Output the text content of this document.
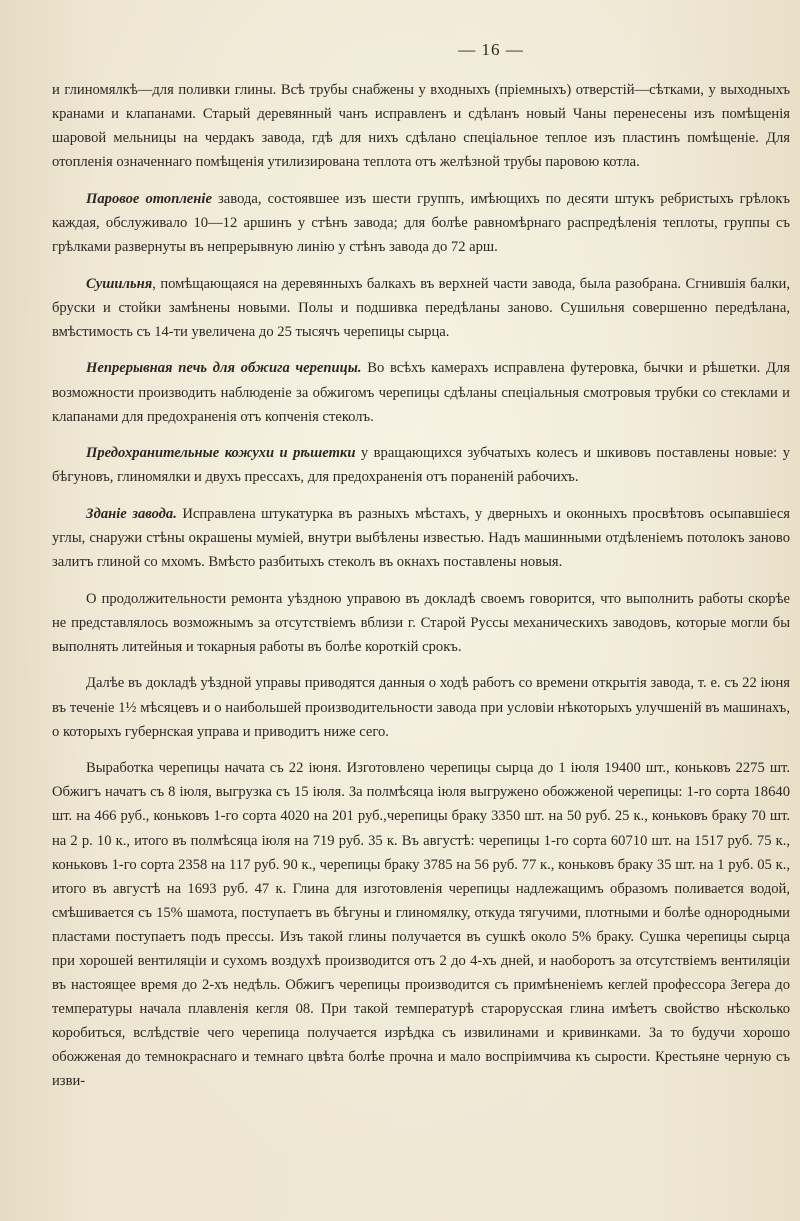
— 16 —
и глиномялкѣ—для поливки глины. Всѣ трубы снабжены у входныхъ (пріемныхъ) отверстій—сѣтками, у выходныхъ кранами и клапанами. Старый деревянный чанъ исправленъ и сдѣланъ новый Чаны перенесены изъ помѣщенія шаровой мельницы на чердакъ завода, гдѣ для нихъ сдѣлано спеціальное теплое изъ пластинъ помѣщеніе. Для отопленія означеннаго помѣщенія утилизирована теплота отъ желѣзной трубы паровою котла.
Паровое отопленіе завода, состоявшее изъ шести группъ, имѣющихъ по десяти штукъ ребристыхъ грѣлокъ каждая, обслуживало 10—12 аршинъ у стѣнъ завода; для болѣе равномѣрнаго распредѣленія теплоты, группы съ грѣлками развернуты въ непрерывную линію у стѣнъ завода до 72 арш.
Сушильня, помѣщающаяся на деревянныхъ балкахъ въ верхней части завода, была разобрана. Сгнившія балки, бруски и стойки замѣнены новыми. Полы и подшивка передѣланы заново. Сушильня совершенно передѣлана, вмѣстимость съ 14-ти увеличена до 25 тысячъ черепицы сырца.
Непрерывная печь для обжига черепицы. Во всѣхъ камерахъ исправлена футеровка, бычки и рѣшетки. Для возможности производить наблюденіе за обжигомъ черепицы сдѣланы спеціальныя смотровыя трубки со стеклами и клапанами для предохраненія отъ копченія стеколъ.
Предохранительные кожухи и рѣшетки у вращающихся зубчатыхъ колесъ и шкивовъ поставлены новые: у бѣгуновъ, глиномялки и двухъ прессахъ, для предохраненія отъ пораненій рабочихъ.
Зданіе завода. Исправлена штукатурка въ разныхъ мѣстахъ, у дверныхъ и оконныхъ просвѣтовъ осыпавшіеся углы, снаружи стѣны окрашены муміей, внутри выбѣлены известью. Надъ машинными отдѣленіемъ потолокъ заново залитъ глиной со мхомъ. Вмѣсто разбитыхъ стеколъ въ окнахъ поставлены новыя.
О продолжительности ремонта уѣздною управою въ докладѣ своемъ говорится, что выполнить работы скорѣе не представлялось возможнымъ за отсутствіемъ вблизи г. Старой Руссы механическихъ заводовъ, которые могли бы выполнять литейныя и токарныя работы въ болѣе короткій срокъ.
Далѣе въ докладѣ уѣздной управы приводятся данныя о ходѣ работъ со времени открытія завода, т. е. съ 22 іюня въ теченіе 1½ мѣсяцевъ и о наибольшей производительности завода при условіи нѣкоторыхъ улучшеній въ машинахъ, о которыхъ губернская управа и приводитъ ниже сего.
Выработка черепицы начата съ 22 іюня. Изготовлено черепицы сырца до 1 іюля 19400 шт., коньковъ 2275 шт. Обжигъ начатъ съ 8 іюля, выгрузка съ 15 іюля. За полмѣсяца іюля выгружено обожженой черепицы: 1-го сорта 18640 шт. на 466 руб., коньковъ 1-го сорта 4020 на 201 руб.,черепицы браку 3350 шт. на 50 руб. 25 к., коньковъ браку 70 шт. на 2 р. 10 к., итого въ полмѣсяца іюля на 719 руб. 35 к. Въ августѣ: черепицы 1-го сорта 60710 шт. на 1517 руб. 75 к., коньковъ 1-го сорта 2358 на 117 руб. 90 к., черепицы браку 3785 на 56 руб. 77 к., коньковъ браку 35 шт. на 1 руб. 05 к., итого въ августѣ на 1693 руб. 47 к. Глина для изготовленія черепицы надлежащимъ образомъ поливается водой, смѣшивается съ 15% шамота, поступаетъ въ бѣгуны и глиномялку, откуда тягучими, плотными и болѣе однородными пластами поступаетъ подъ прессы. Изъ такой глины получается въ сушкѣ около 5% браку. Сушка черепицы сырца при хорошей вентиляціи и сухомъ воздухѣ производится отъ 2 до 4-хъ дней, и наоборотъ за отсутствіемъ вентиляціи въ настоящее время до 2-хъ недѣль. Обжигъ черепицы производится съ примѣненіемъ кеглей профессора Зегера до температуры начала плавленія кегля 08. При такой температурѣ старорусская глина имѣетъ свойство нѣсколько коробиться, вслѣдствіе чего черепица получается изрѣдка съ извилинами и кривинками. За то будучи хорошо обожженая до темнокраснаго и темнаго цвѣта болѣе прочна и мало воспріимчива къ сырости. Крестьяне черную съ изви-
